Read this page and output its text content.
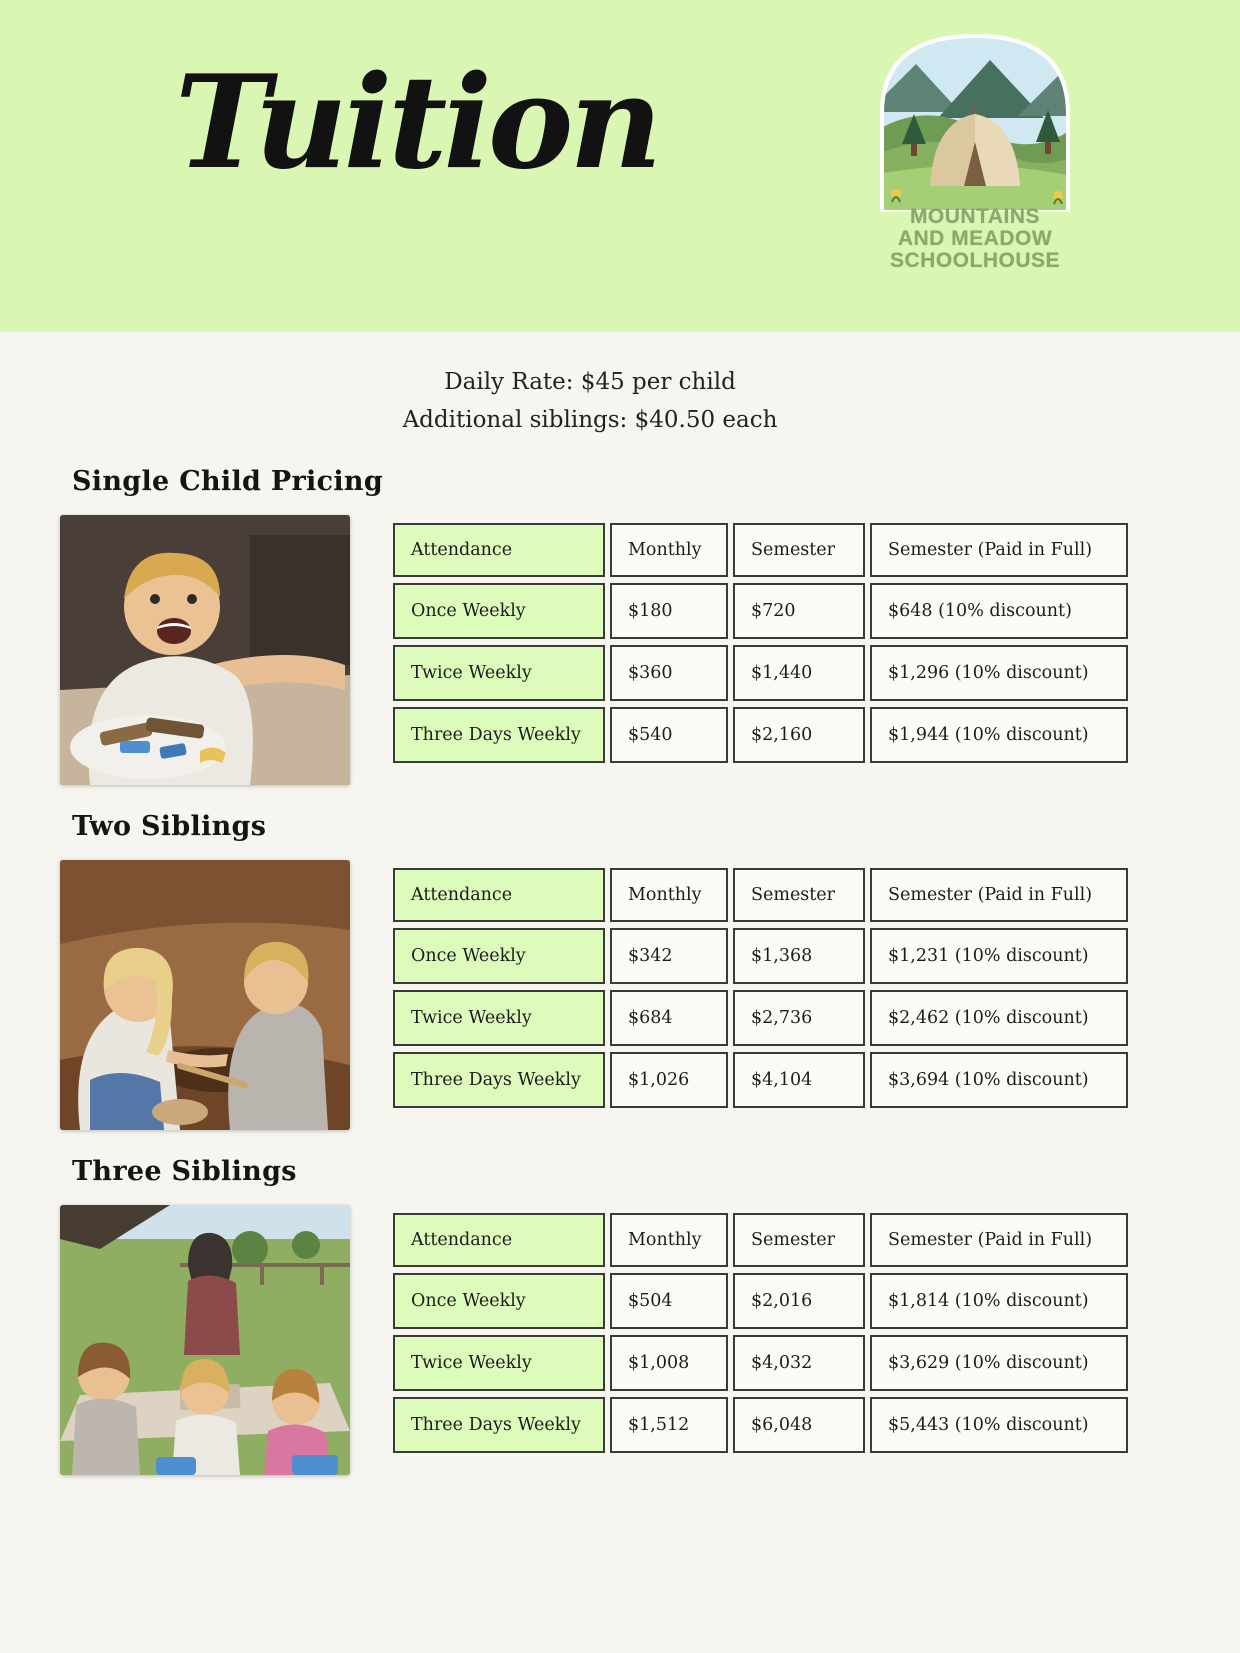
Tuition
MOUNTAINS
AND MEADOW
SCHOOLHOUSE
Daily Rate: $45 per child
Additional siblings: $40.50 each
Single Child Pricing
Attendance	Monthly	Semester	Semester (Paid in Full)
Once Weekly	$180	$720	$648 (10% discount)
Twice Weekly	$360	$1,440	$1,296 (10% discount)
Three Days Weekly	$540	$2,160	$1,944 (10% discount)
Two Siblings
Attendance	Monthly	Semester	Semester (Paid in Full)
Once Weekly	$342	$1,368	$1,231 (10% discount)
Twice Weekly	$684	$2,736	$2,462 (10% discount)
Three Days Weekly	$1,026	$4,104	$3,694 (10% discount)
Three Siblings
Attendance	Monthly	Semester	Semester (Paid in Full)
Once Weekly	$504	$2,016	$1,814 (10% discount)
Twice Weekly	$1,008	$4,032	$3,629 (10% discount)
Three Days Weekly	$1,512	$6,048	$5,443 (10% discount)
